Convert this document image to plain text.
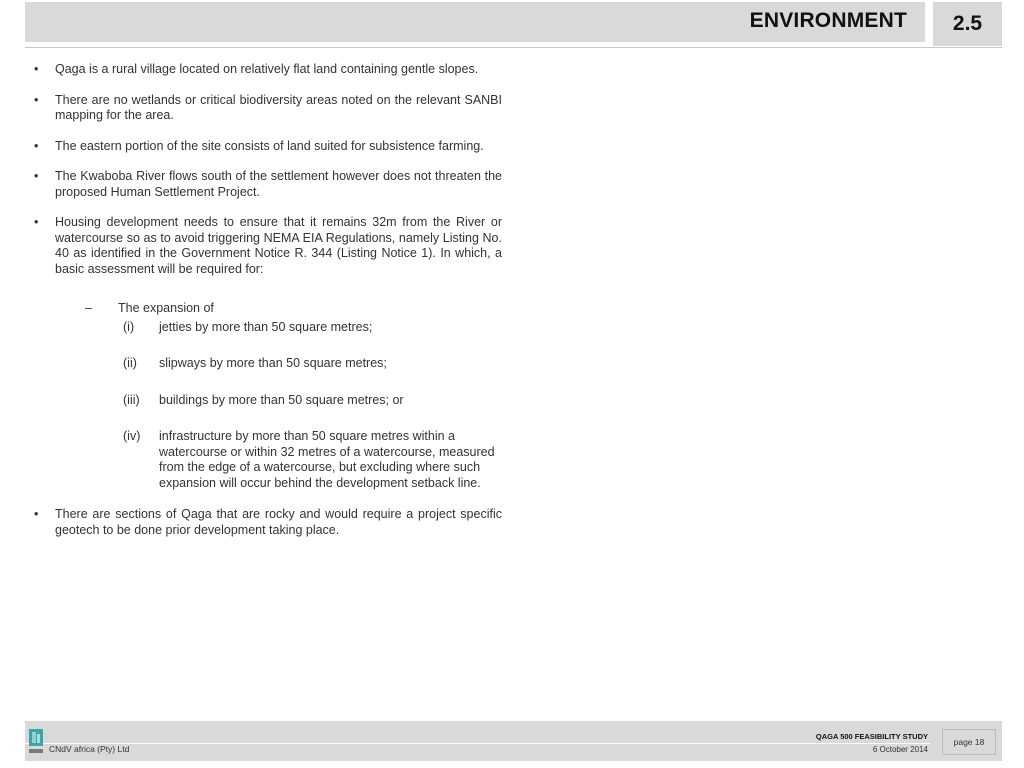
ENVIRONMENT	2.5
• Qaga is a rural village located on relatively flat land containing gentle slopes.
• There are no wetlands or critical biodiversity areas noted on the relevant SANBI mapping for the area.
• The eastern portion of the site consists of land suited for subsistence farming.
• The Kwaboba River flows south of the settlement however does not threaten the proposed Human Settlement Project.
• Housing development needs to ensure that it remains 32m from the River or watercourse so as to avoid triggering NEMA EIA Regulations, namely Listing No. 40 as identified in the Government Notice R. 344 (Listing Notice 1). In which, a basic assessment will be required for:
– The expansion of
(i) jetties by more than 50 square metres;
(ii) slipways by more than 50 square metres;
(iii) buildings by more than 50 square metres; or
(iv) infrastructure by more than 50 square metres within a watercourse or within 32 metres of a watercourse, measured from the edge of a watercourse, but excluding where such expansion will occur behind the development setback line.
• There are sections of Qaga that are rocky and would require a project specific geotech to be done prior development taking place.
CNdV africa (Pty) Ltd
QAGA 500 FEASIBILITY STUDY
6 October 2014
page 18
